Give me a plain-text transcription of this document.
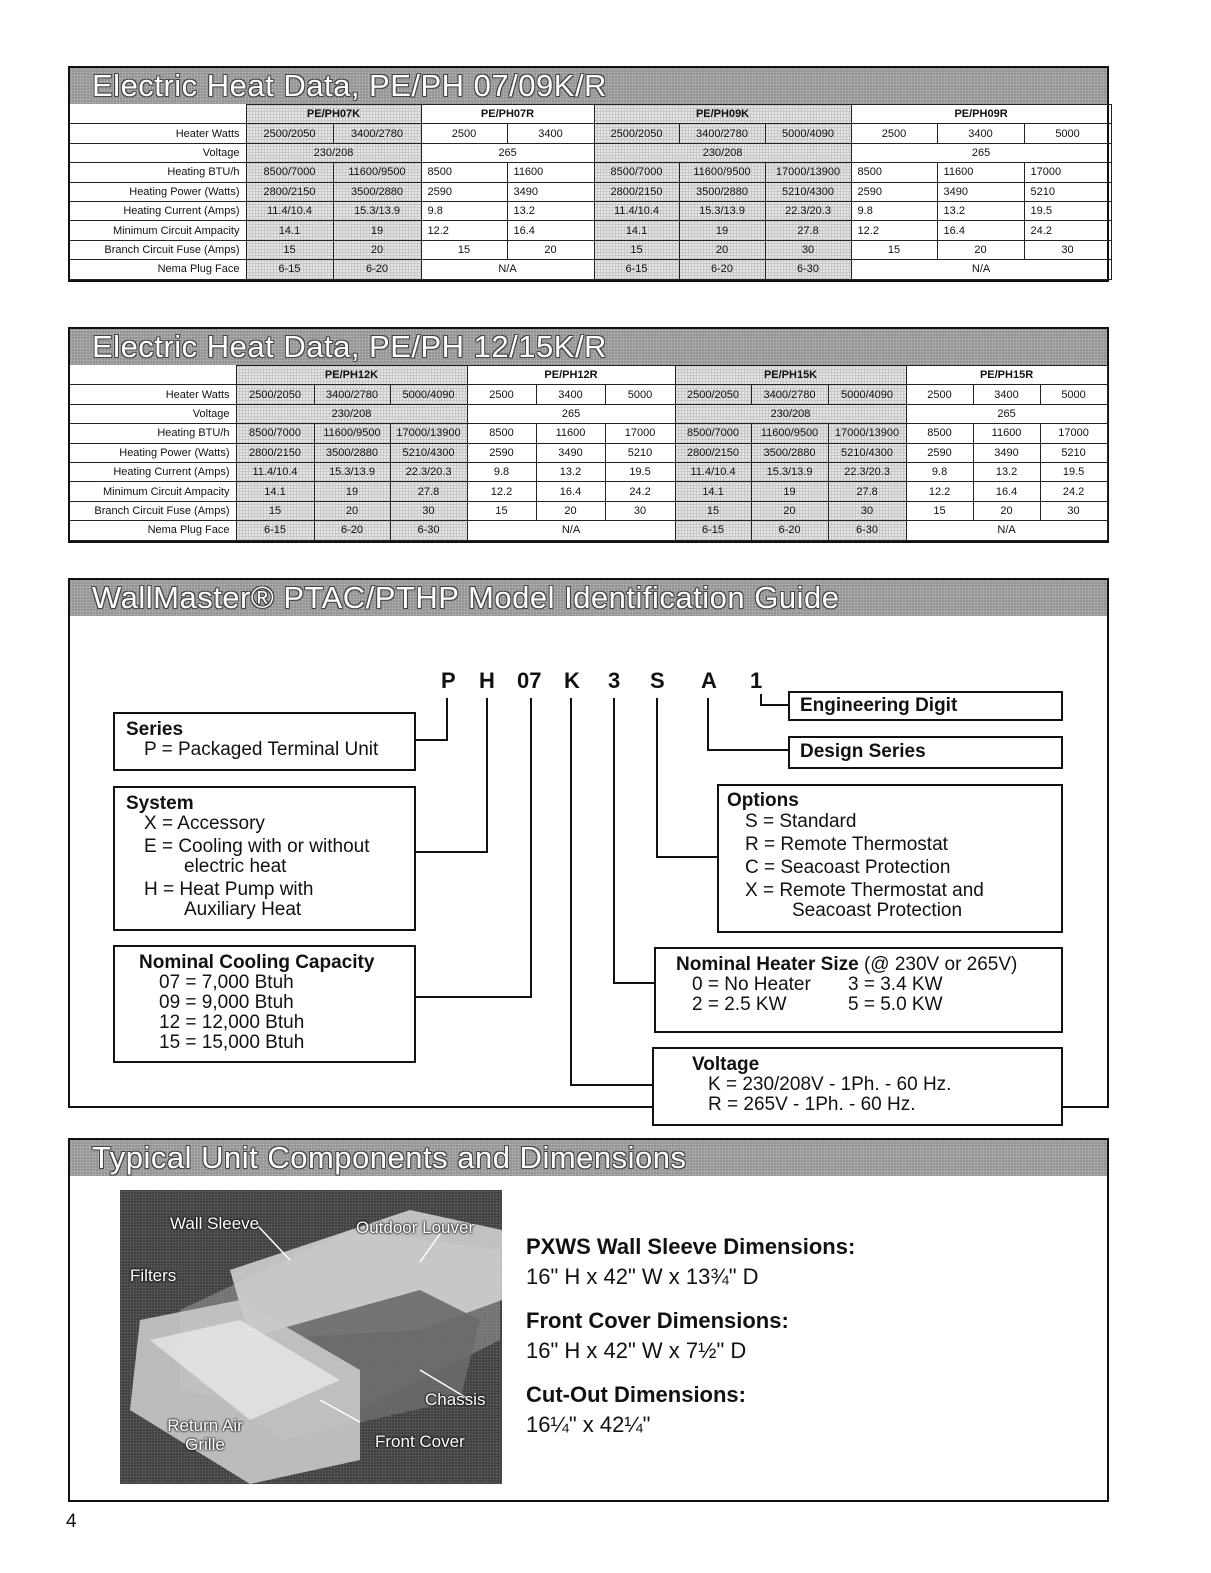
Electric Heat Data, PE/PH 07/09K/R
	PE/PH07K		PE/PH07R		PE/PH09K			PE/PH09R		
Heater Watts	2500/2050	3400/2780	2500	3400	2500/2050	3400/2780	5000/4090	2500	3400	5000
Voltage	230/208		265		230/208			265		
Heating BTU/h	8500/7000	11600/9500	8500	11600	8500/7000	11600/9500	17000/13900	8500	11600	17000
Heating Power (Watts)	2800/2150	3500/2880	2590	3490	2800/2150	3500/2880	5210/4300	2590	3490	5210
Heating Current (Amps)	11.4/10.4	15.3/13.9	9.8	13.2	11.4/10.4	15.3/13.9	22.3/20.3	9.8	13.2	19.5
Minimum Circuit Ampacity	14.1	19	12.2	16.4	14.1	19	27.8	12.2	16.4	24.2
Branch Circuit Fuse (Amps)	15	20	15	20	15	20	30	15	20	30
Nema Plug Face	6-15	6-20	N/A		6-15	6-20	6-30	N/A		
Electric Heat Data, PE/PH 12/15K/R
	PE/PH12K			PE/PH12R			PE/PH15K			PE/PH15R		
Heater Watts	2500/2050	3400/2780	5000/4090	2500	3400	5000	2500/2050	3400/2780	5000/4090	2500	3400	5000
Voltage	230/208			265			230/208			265		
Heating BTU/h	8500/7000	11600/9500	17000/13900	8500	11600	17000	8500/7000	11600/9500	17000/13900	8500	11600	17000
Heating Power (Watts)	2800/2150	3500/2880	5210/4300	2590	3490	5210	2800/2150	3500/2880	5210/4300	2590	3490	5210
Heating Current (Amps)	11.4/10.4	15.3/13.9	22.3/20.3	9.8	13.2	19.5	11.4/10.4	15.3/13.9	22.3/20.3	9.8	13.2	19.5
Minimum Circuit Ampacity	14.1	19	27.8	12.2	16.4	24.2	14.1	19	27.8	12.2	16.4	24.2
Branch Circuit Fuse (Amps)	15	20	30	15	20	30	15	20	30	15	20	30
Nema Plug Face	6-15	6-20	6-30	N/A			6-15	6-20	6-30	N/A		
WallMaster® PTAC/PTHP Model Identification Guide
P H 07 K 3 S A 1
Engineering Digit
Design Series
Series
P = Packaged Terminal Unit
System
X = Accessory
E = Cooling with or without
electric heat
H = Heat Pump with
Auxiliary Heat
Nominal Cooling Capacity
07 = 7,000 Btuh
09 = 9,000 Btuh
12 = 12,000 Btuh
15 = 15,000 Btuh
Options
S = Standard
R = Remote Thermostat
C = Seacoast Protection
X = Remote Thermostat and
Seacoast Protection
Nominal Heater Size (@ 230V or 265V)
0 = No Heater	3 = 3.4 KW
2 = 2.5 KW	5 = 5.0 KW
Voltage
K = 230/208V - 1Ph. - 60 Hz.
R = 265V - 1Ph. - 60 Hz.
Typical Unit Components and Dimensions
Wall Sleeve	Outdoor Louver
Filters
Chassis
Return Air Grille	Front Cover
PXWS Wall Sleeve Dimensions:
16" H x 42" W x 13¾" D
Front Cover Dimensions:
16" H x 42" W x 7½" D
Cut-Out Dimensions:
16¼" x 42¼"
4
